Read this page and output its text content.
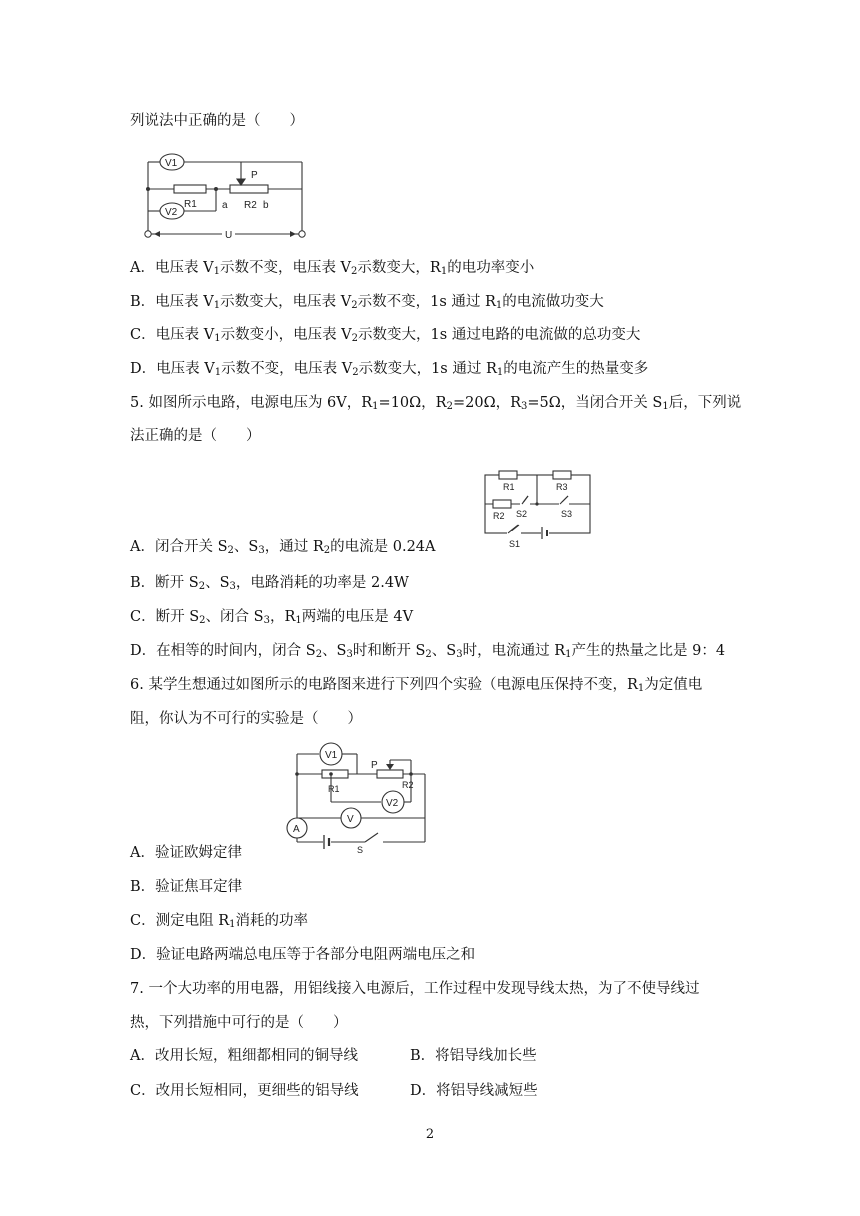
列说法中正确的是（　　）
V1
V2
P
R1	a R2 b
U
A．电压表 $V_1$示数不变，电压表 $V_2$示数变大，$R_1$的电功率变小
B．电压表 $V_1$示数变大，电压表 $V_2$示数不变，1s 通过 $R_1$的电流做功变大
C．电压表 $V_1$示数变小，电压表 $V_2$示数变大，1s 通过电路的电流做的总功变大
D．电压表 $V_1$示数不变，电压表 $V_2$示数变大，1s 通过 $R_1$的电流产生的热量变多
5. 如图所示电路，电源电压为 6V，$R_1=10\Omega$，$R_2=20\Omega$，$R_3=5\Omega$，当闭合开关 $S_1$后，下列说
法正确的是（　　）
R1	R3
R2 S2	S3
S1
A．闭合开关 $S_2$、$S_3$，通过 $R_2$的电流是 0.24A
B．断开 $S_2$、$S_3$，电路消耗的功率是 2.4W
C．断开 $S_2$、闭合 $S_3$，$R_1$两端的电压是 4V
D．在相等的时间内，闭合 $S_2$、$S_3$时和断开 $S_2$、$S_3$时，电流通过 $R_1$产生的热量之比是 9：4
6. 某学生想通过如图所示的电路图来进行下列四个实验（电源电压保持不变，$R_1$为定值电
阻，你认为不可行的实验是（　　）
V1
P
R1	R2
A
V2
V
S
A．验证欧姆定律
B．验证焦耳定律
C．测定电阻 $R_1$消耗的功率
D．验证电路两端总电压等于各部分电阻两端电压之和
7. 一个大功率的用电器，用铝线接入电源后，工作过程中发现导线太热，为了不使导线过
热，下列措施中可行的是（　　）
A．改用长短，粗细都相同的铜导线	B．将铝导线加长些
C．改用长短相同，更细些的铝导线	D．将铝导线减短些
2
